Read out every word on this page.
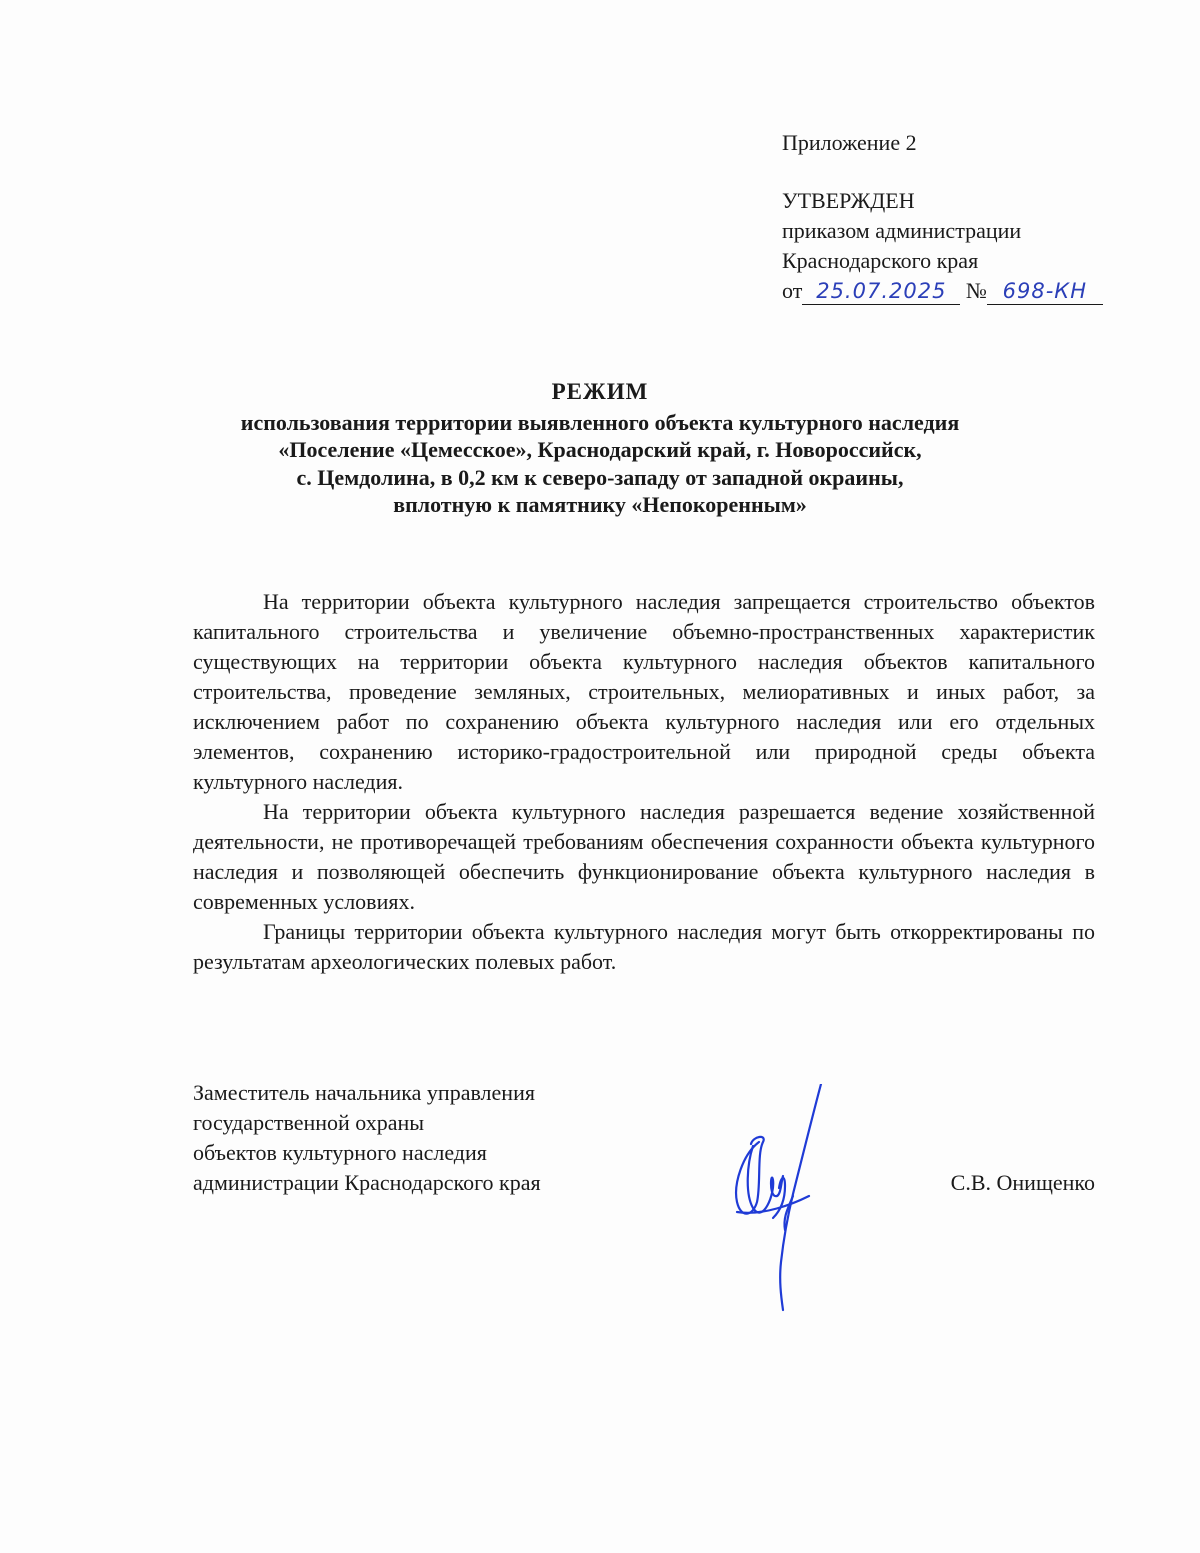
Приложение 2
УТВЕРЖДЕН
приказом администрации
Краснодарского края
от 25.07.2025 № 698-КН
РЕЖИМ
использования территории выявленного объекта культурного наследия
«Поселение «Цемесское», Краснодарский край, г. Новороссийск,
с. Цемдолина, в 0,2 км к северо-западу от западной окраины,
вплотную к памятнику «Непокоренным»

На территории объекта культурного наследия запрещается строительство объектов капитального строительства и увеличение объемно-пространственных характеристик существующих на территории объекта культурного наследия объектов капитального строительства, проведение земляных, строительных, мелиоративных и иных работ, за исключением работ по сохранению объекта культурного наследия или его отдельных элементов, сохранению историко-градостроительной или природной среды объекта культурного наследия.

На территории объекта культурного наследия разрешается ведение хозяйственной деятельности, не противоречащей требованиям обеспечения сохранности объекта культурного наследия и позволяющей обеспечить функционирование объекта культурного наследия в современных условиях.

Границы территории объекта культурного наследия могут быть откорректированы по результатам археологических полевых работ.

Заместитель начальника управления
государственной охраны
объектов культурного наследия
администрации Краснодарского края	С.В. Онищенко
